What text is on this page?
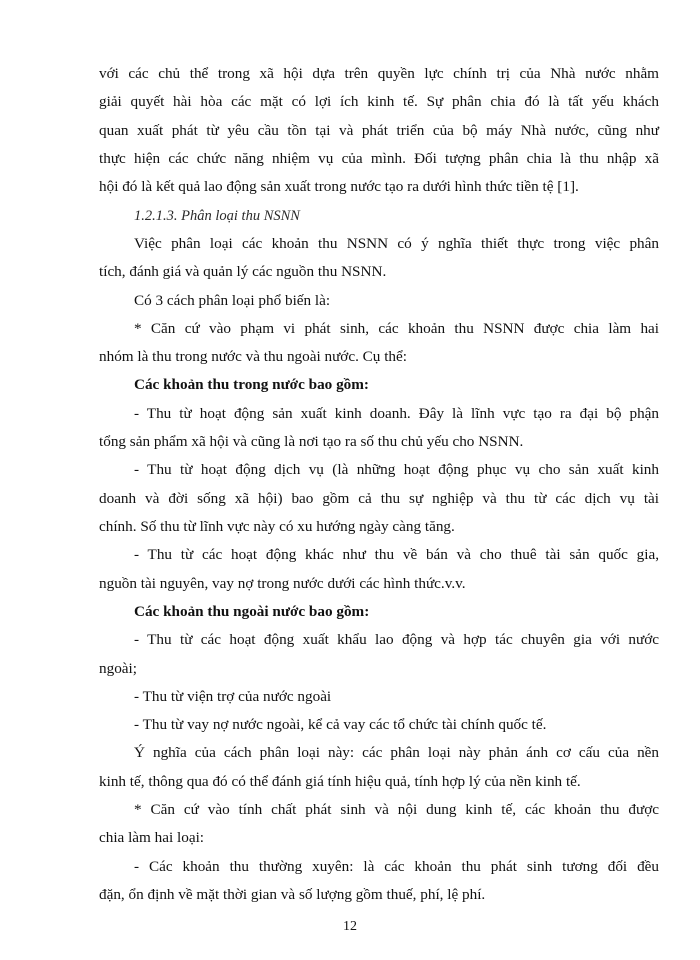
với các chủ thể trong xã hội dựa trên quyền lực chính trị của Nhà nước nhằm
giải quyết hài hòa các mặt có lợi ích kinh tế. Sự phân chia đó là tất yếu khách
quan xuất phát từ yêu cầu tồn tại và phát triển của bộ máy Nhà nước, cũng như
thực hiện các chức năng nhiệm vụ của mình. Đối tượng phân chia là thu nhập xã
hội đó là kết quả lao động sản xuất trong nước tạo ra dưới hình thức tiền tệ [1].
1.2.1.3. Phân loại thu NSNN
Việc phân loại các khoản thu NSNN có ý nghĩa thiết thực trong việc phân
tích, đánh giá và quản lý các nguồn thu NSNN.
Có 3 cách phân loại phổ biến là:
* Căn cứ vào phạm vi phát sinh, các khoản thu NSNN được chia làm hai
nhóm là thu trong nước và thu ngoài nước. Cụ thể:
Các khoản thu trong nước bao gồm:
- Thu từ hoạt động sản xuất kinh doanh. Đây là lĩnh vực tạo ra đại bộ phận
tổng sản phẩm xã hội và cũng là nơi tạo ra số thu chủ yếu cho NSNN.
- Thu từ hoạt động dịch vụ (là những hoạt động phục vụ cho sản xuất kinh
doanh và đời sống xã hội) bao gồm cả thu sự nghiệp và thu từ các dịch vụ tài
chính. Số thu từ lĩnh vực này có xu hướng ngày càng tăng.
- Thu từ các hoạt động khác như thu về bán và cho thuê tài sản quốc gia,
nguồn tài nguyên, vay nợ trong nước dưới các hình thức.v.v.
Các khoản thu ngoài nước bao gồm:
- Thu từ các hoạt động xuất khẩu lao động và hợp tác chuyên gia với nước
ngoài;
- Thu từ viện trợ của nước ngoài
- Thu từ vay nợ nước ngoài, kể cả vay các tổ chức tài chính quốc tế.
Ý nghĩa của cách phân loại này: các phân loại này phản ánh cơ cấu của nền
kinh tế, thông qua đó có thể đánh giá tính hiệu quả, tính hợp lý của nền kinh tế.
* Căn cứ vào tính chất phát sinh và nội dung kinh tế, các khoản thu được
chia làm hai loại:
- Các khoản thu thường xuyên: là các khoản thu phát sinh tương đối đều
đặn, ổn định về mặt thời gian và số lượng gồm thuế, phí, lệ phí.
12
